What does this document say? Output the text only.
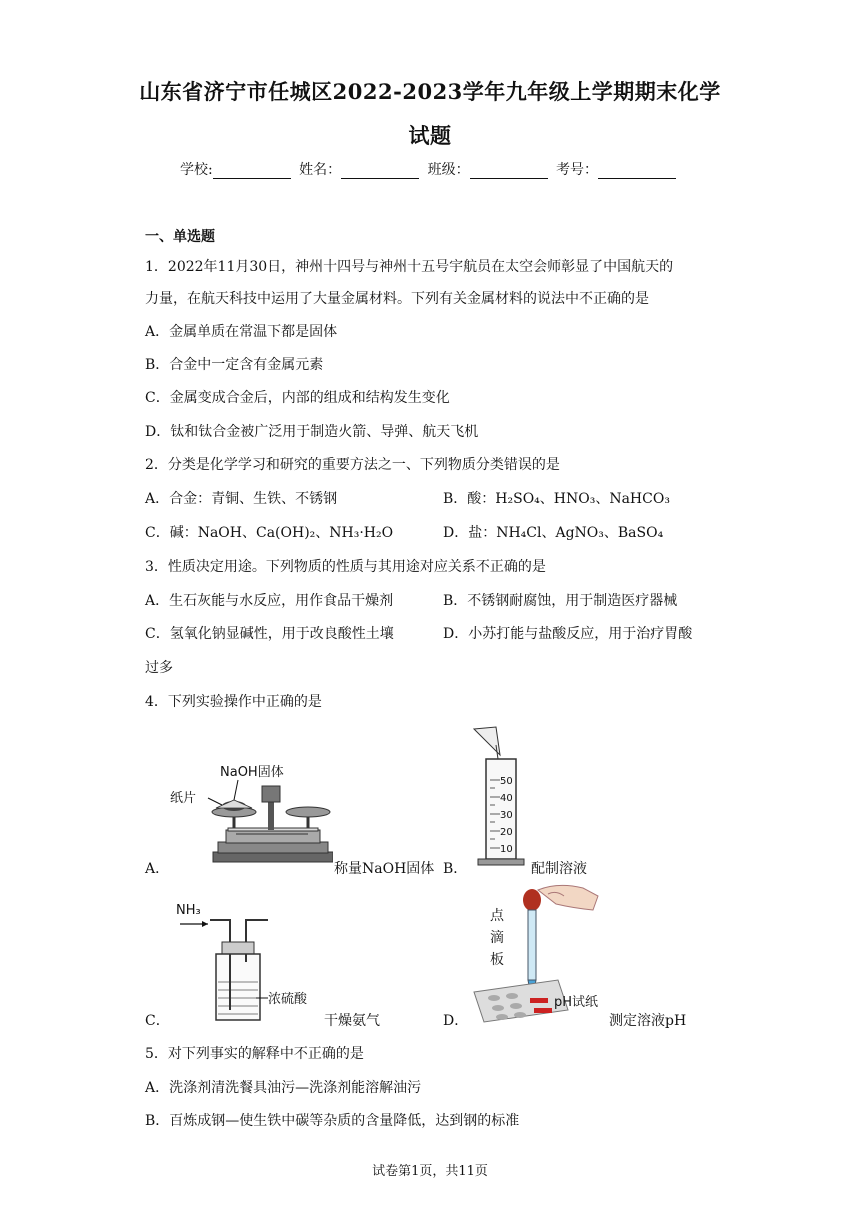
山东省济宁市任城区2022-2023学年九年级上学期期末化学
试题
学校:	姓名：	班级：	考号：
一、单选题
1．2022年11月30日，神州十四号与神州十五号宇航员在太空会师彰显了中国航天的
力量，在航天科技中运用了大量金属材料。下列有关金属材料的说法中不正确的是
A．金属单质在常温下都是固体
B．合金中一定含有金属元素
C．金属变成合金后，内部的组成和结构发生变化
D．钛和钛合金被广泛用于制造火箭、导弹、航天飞机
2．分类是化学学习和研究的重要方法之一、下列物质分类错误的是
A．合金：青铜、生铁、不锈钢	B．酸：H₂SO₄、HNO₃、NaHCO₃
C．碱：NaOH、Ca(OH)₂、NH₃·H₂O	D．盐：NH₄Cl、AgNO₃、BaSO₄
3．性质决定用途。下列物质的性质与其用途对应关系不正确的是
A．生石灰能与水反应，用作食品干燥剂	B．不锈钢耐腐蚀，用于制造医疗器械
C．氢氧化钠显碱性，用于改良酸性土壤	D．小苏打能与盐酸反应，用于治疗胃酸
过多
4．下列实验操作中正确的是
NaOH固体
纸片
A．	称量NaOH固体
50
40
30
20
10
B．	配制溶液
NH₃
浓硫酸
C．	干燥氨气
点
滴
板
pH试纸
D．	测定溶液pH
5．对下列事实的解释中不正确的是
A．洗涤剂清洗餐具油污—洗涤剂能溶解油污
B．百炼成钢—使生铁中碳等杂质的含量降低，达到钢的标准
试卷第1页，共11页
